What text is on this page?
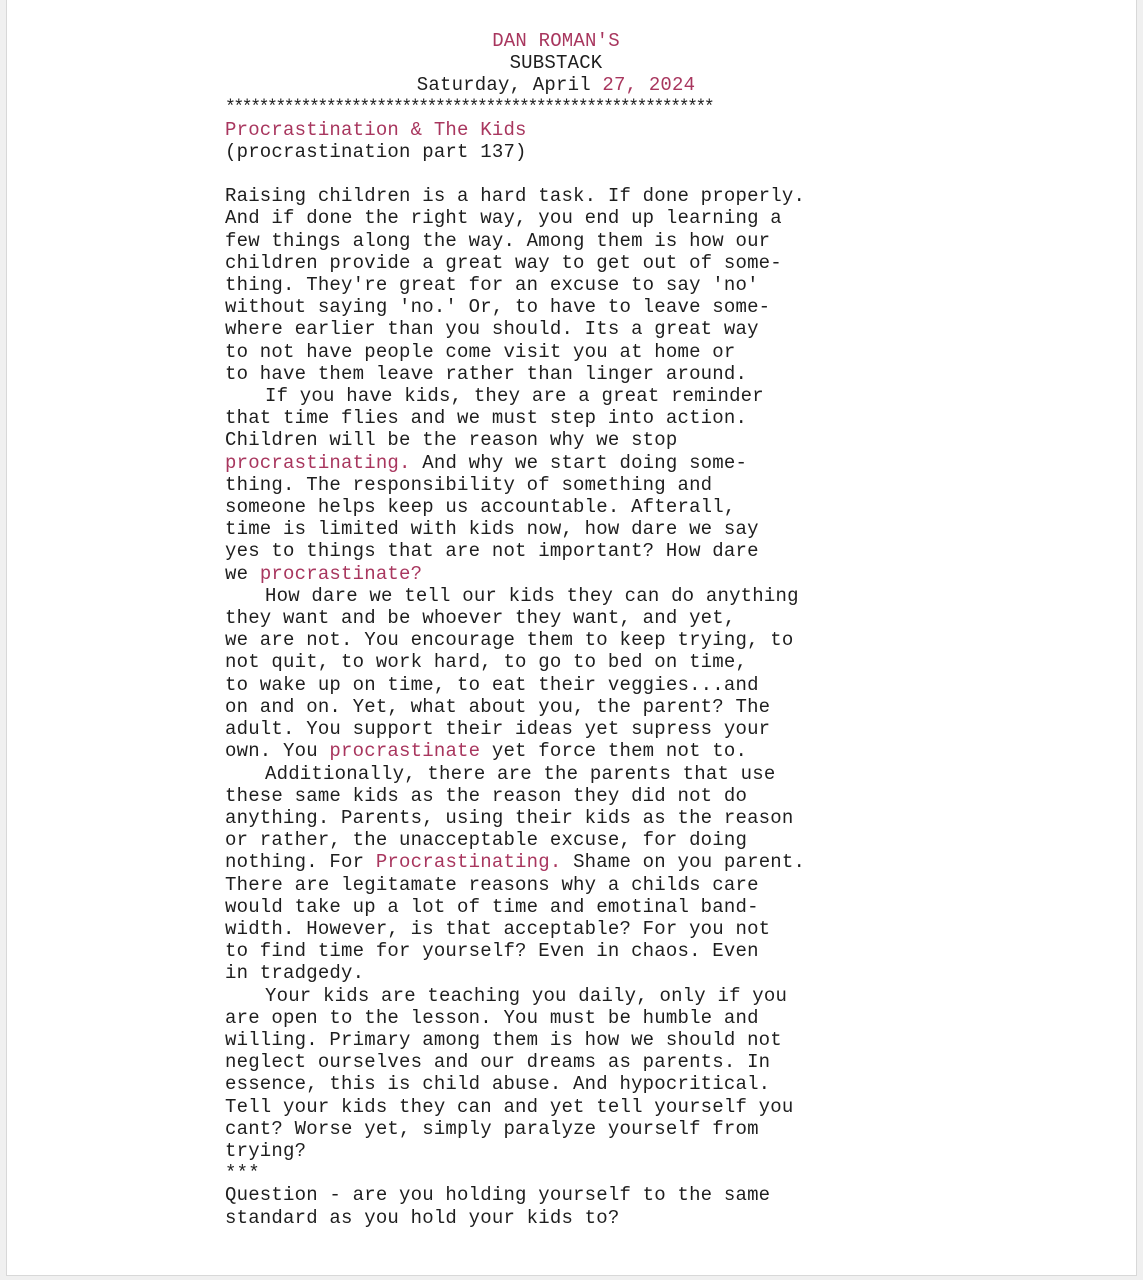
DAN ROMAN'S
SUBSTACK
Saturday, April 27, 2024
**********************************************************
Procrastination & The Kids
(procrastination part 137)
Raising children is a hard task. If done properly.
And if done the right way, you end up learning a
few things along the way. Among them is how our
children provide a great way to get out of some-
thing. They're great for an excuse to say 'no'
without saying 'no.' Or, to have to leave some-
where earlier than you should. Its a great way
to not have people come visit you at home or
to have them leave rather than linger around.
If you have kids, they are a great reminder
that time flies and we must step into action.
Children will be the reason why we stop
procrastinating. And why we start doing some-
thing. The responsibility of something and
someone helps keep us accountable. Afterall,
time is limited with kids now, how dare we say
yes to things that are not important? How dare
we procrastinate?
How dare we tell our kids they can do anything
they want and be whoever they want, and yet,
we are not. You encourage them to keep trying, to
not quit, to work hard, to go to bed on time,
to wake up on time, to eat their veggies...and
on and on. Yet, what about you, the parent? The
adult. You support their ideas yet supress your
own. You procrastinate yet force them not to.
Additionally, there are the parents that use
these same kids as the reason they did not do
anything. Parents, using their kids as the reason
or rather, the unacceptable excuse, for doing
nothing. For Procrastinating. Shame on you parent.
There are legitamate reasons why a childs care
would take up a lot of time and emotinal band-
width. However, is that acceptable? For you not
to find time for yourself? Even in chaos. Even
in tradgedy.
Your kids are teaching you daily, only if you
are open to the lesson. You must be humble and
willing. Primary among them is how we should not
neglect ourselves and our dreams as parents. In
essence, this is child abuse. And hypocritical.
Tell your kids they can and yet tell yourself you
cant? Worse yet, simply paralyze yourself from
trying?
***
Question - are you holding yourself to the same
standard as you hold your kids to?
